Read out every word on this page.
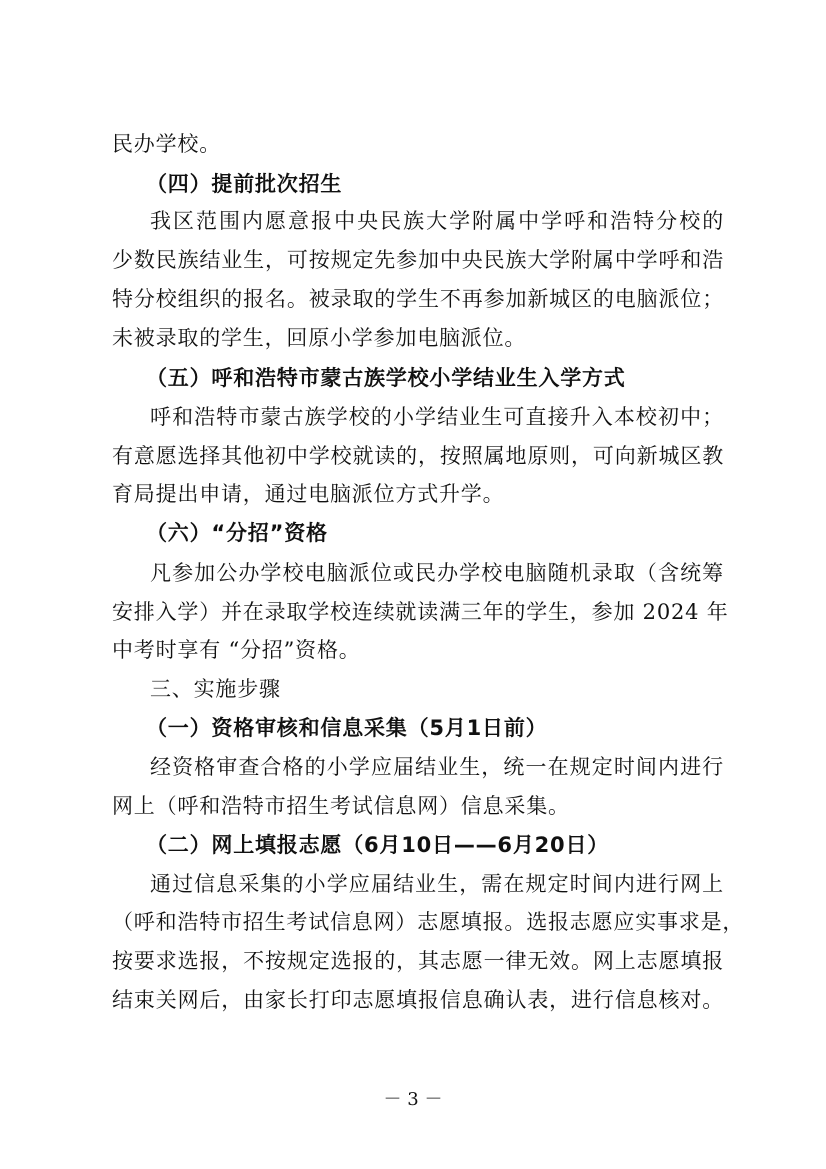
民办学校。
（四）提前批次招生
我区范围内愿意报中央民族大学附属中学呼和浩特分校的
少数民族结业生，可按规定先参加中央民族大学附属中学呼和浩
特分校组织的报名。被录取的学生不再参加新城区的电脑派位；
未被录取的学生，回原小学参加电脑派位。
（五）呼和浩特市蒙古族学校小学结业生入学方式
呼和浩特市蒙古族学校的小学结业生可直接升入本校初中；
有意愿选择其他初中学校就读的，按照属地原则，可向新城区教
育局提出申请，通过电脑派位方式升学。
（六）“分招”资格
凡参加公办学校电脑派位或民办学校电脑随机录取（含统筹
安排入学）并在录取学校连续就读满三年的学生，参加 2024 年
中考时享有 “分招”资格。
三、实施步骤
（一）资格审核和信息采集（5月1日前）
经资格审查合格的小学应届结业生，统一在规定时间内进行
网上（呼和浩特市招生考试信息网）信息采集。
（二）网上填报志愿（6月10日——6月20日）
通过信息采集的小学应届结业生，需在规定时间内进行网上
（呼和浩特市招生考试信息网）志愿填报。选报志愿应实事求是，
按要求选报，不按规定选报的，其志愿一律无效。网上志愿填报
结束关网后，由家长打印志愿填报信息确认表，进行信息核对。
－ 3 －
